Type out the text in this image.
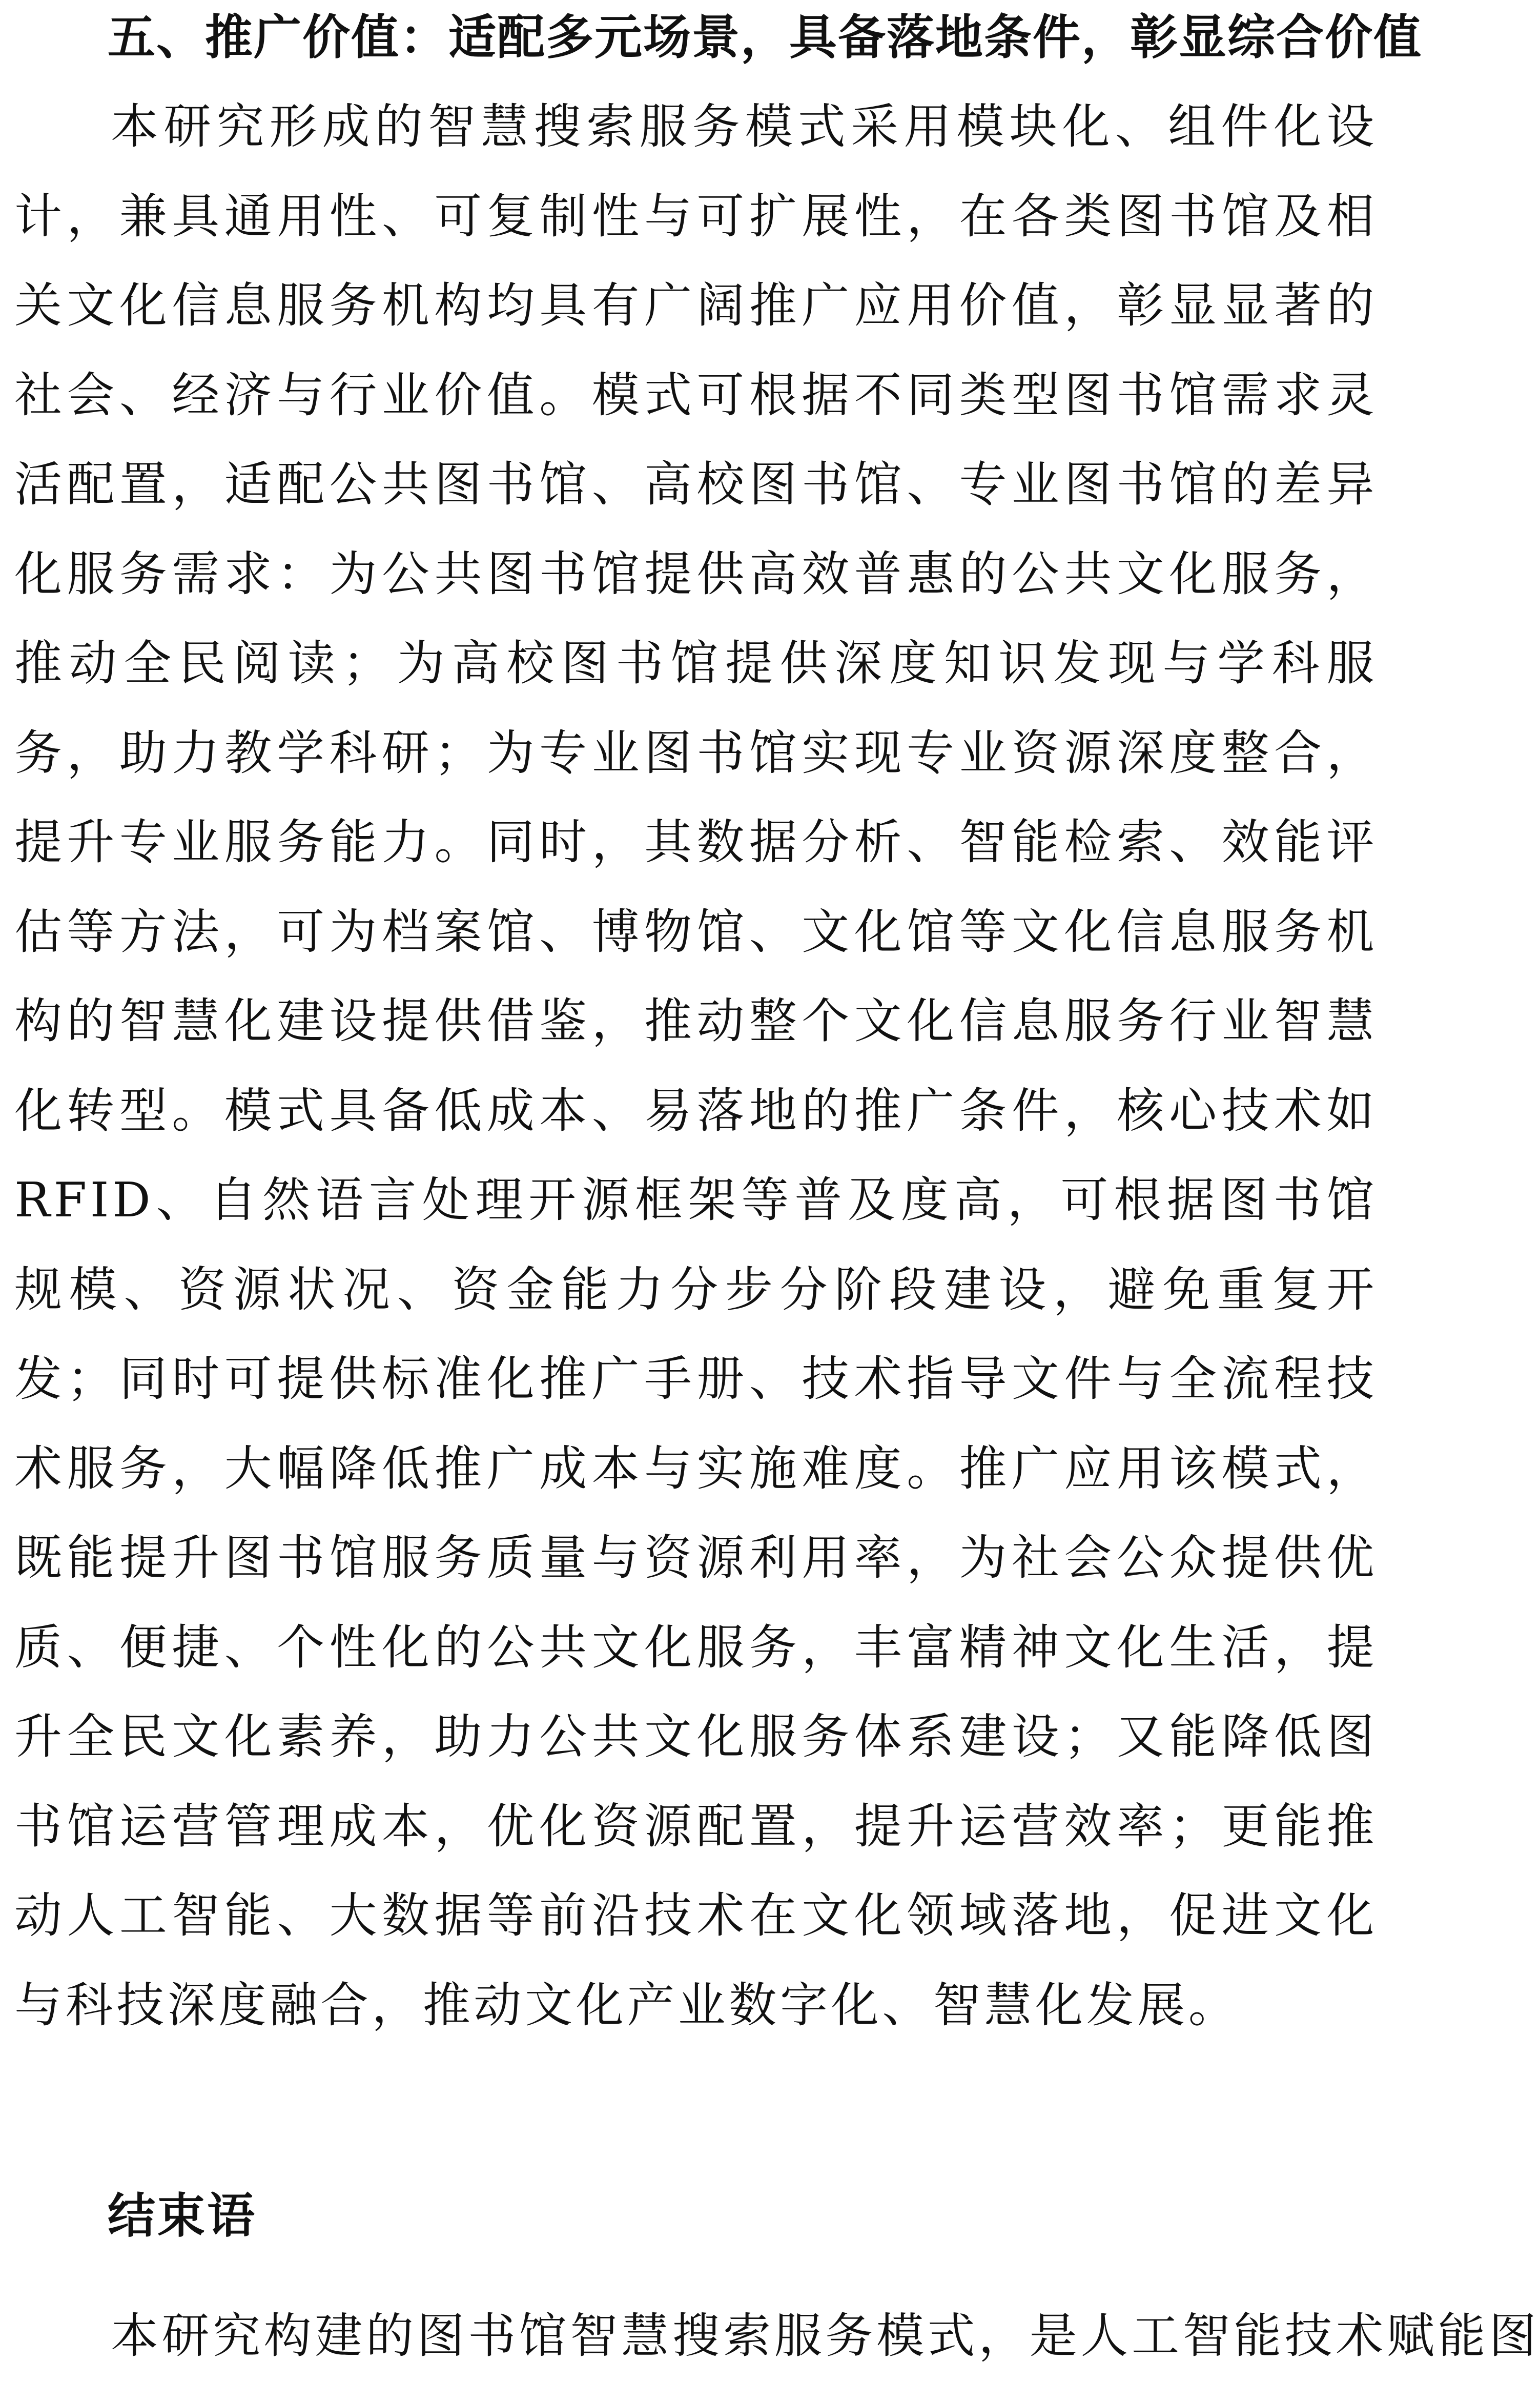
五、推广价值：适配多元场景，具备落地条件，彰显综合价值

本研究形成的智慧搜索服务模式采用模块化、组件化设计，兼具通用性、可复制性与可扩展性，在各类图书馆及相关文化信息服务机构均具有广阔推广应用价值，彰显显著的社会、经济与行业价值。模式可根据不同类型图书馆需求灵活配置，适配公共图书馆、高校图书馆、专业图书馆的差异化服务需求：为公共图书馆提供高效普惠的公共文化服务，推动全民阅读；为高校图书馆提供深度知识发现与学科服务，助力教学科研；为专业图书馆实现专业资源深度整合，提升专业服务能力。同时，其数据分析、智能检索、效能评估等方法，可为档案馆、博物馆、文化馆等文化信息服务机构的智慧化建设提供借鉴，推动整个文化信息服务行业智慧化转型。模式具备低成本、易落地的推广条件，核心技术如 RFID、自然语言处理开源框架等普及度高，可根据图书馆规模、资源状况、资金能力分步分阶段建设，避免重复开发；同时可提供标准化推广手册、技术指导文件与全流程技术服务，大幅降低推广成本与实施难度。推广应用该模式，既能提升图书馆服务质量与资源利用率，为社会公众提供优质、便捷、个性化的公共文化服务，丰富精神文化生活，提升全民文化素养，助力公共文化服务体系建设；又能降低图书馆运营管理成本，优化资源配置，提升运营效率；更能推动人工智能、大数据等前沿技术在文化领域落地，促进文化与科技深度融合，推动文化产业数字化、智慧化发展。

结束语

本研究构建的图书馆智慧搜索服务模式，是人工智能技术赋能图
